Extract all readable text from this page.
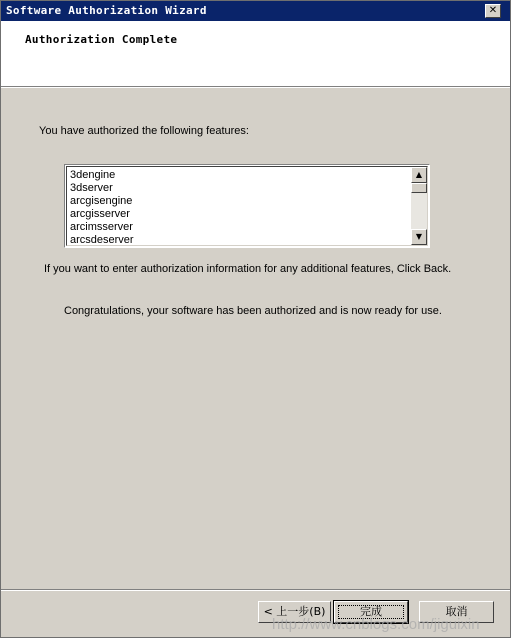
Software Authorization Wizard	✕
Authorization Complete
You have authorized the following features:
3dengine
3dserver
arcgisengine
arcgisserver
arcimsserver
arcsdeserver
▲
▼
If you want to enter authorization information for any additional features, Click Back.
Congratulations, your software has been authorized and is now ready for use.
< 上一步(B)	完成	取消
http://www.cnblogs.com/jiguixin
